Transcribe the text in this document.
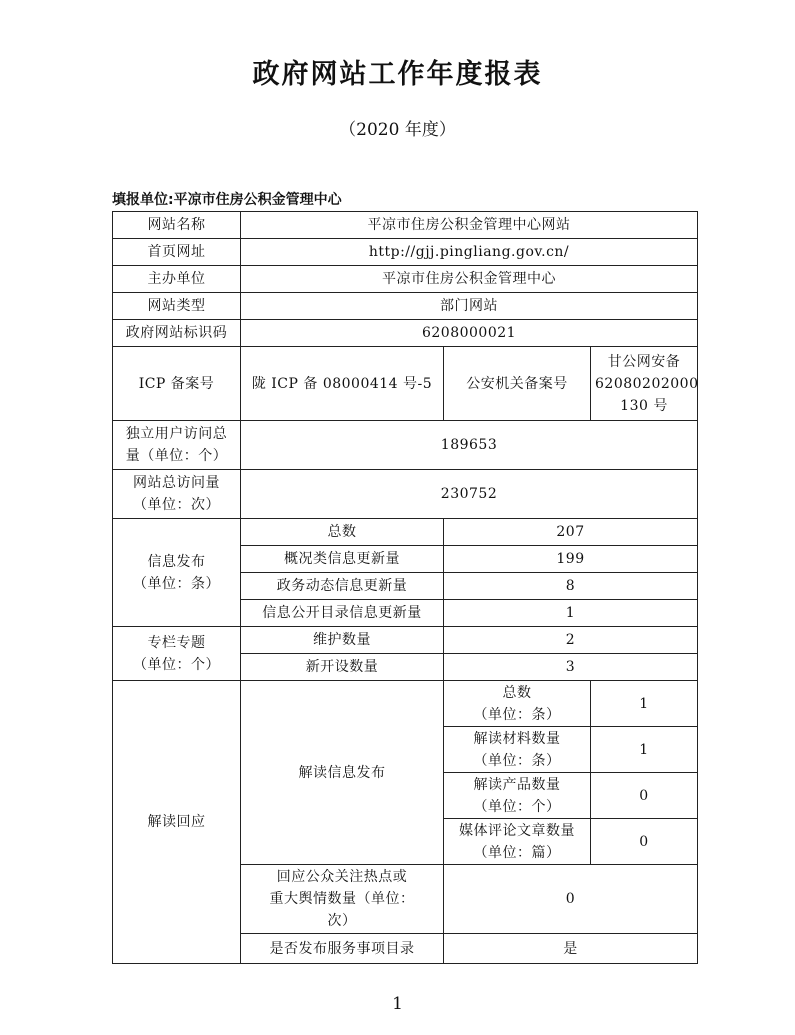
政府网站工作年度报表
（2020 年度）
填报单位:平凉市住房公积金管理中心
网站名称	平凉市住房公积金管理中心网站		
首页网址	http://gjj.pingliang.gov.cn/		
主办单位	平凉市住房公积金管理中心		
网站类型	部门网站		
政府网站标识码	6208000021		
ICP 备案号	陇 ICP 备 08000414 号-5	公安机关备案号	甘公网安备
62080202000
130 号

独立用户访问总
量（单位：个）	189653		

网站总访问量
（单位：次）	230752		

信息发布
（单位：条）	总数	207	
	概况类信息更新量	199	
	政务动态信息更新量	8	
	信息公开目录信息更新量	1	

专栏专题
（单位：个）	维护数量	2	
	新开设数量	3	
解读回应	解读信息发布	总数
（单位：条）	1

		解读材料数量
（单位：条）	1

		解读产品数量
（单位：个）	0

		媒体评论文章数量
（单位：篇）	0

	回应公众关注热点或
重大舆情数量（单位：
次）	0	
	是否发布服务事项目录	是	
1
